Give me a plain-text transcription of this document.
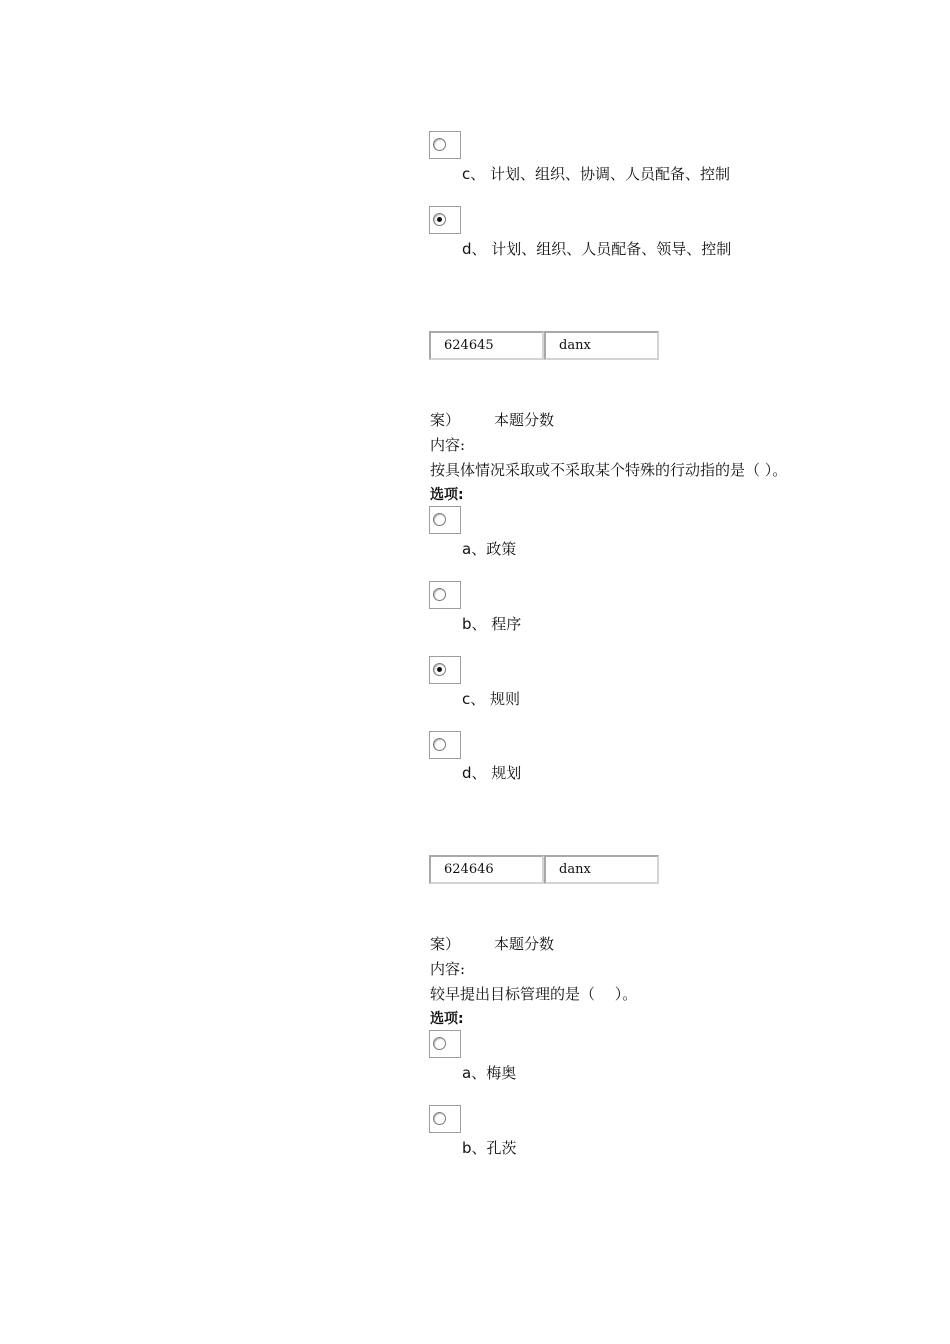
c、 计划、组织、协调、人员配备、控制
d、 计划、组织、人员配备、领导、控制
624645	danx
案） 本题分数
内容:
按具体情况采取或不采取某个特殊的行动指的是（ ）。
选项:
a、政策
b、 程序
c、 规则
d、 规划
624646	danx
案） 本题分数
内容:
较早提出目标管理的是（　 ）。
选项:
a、梅奥
b、孔茨
